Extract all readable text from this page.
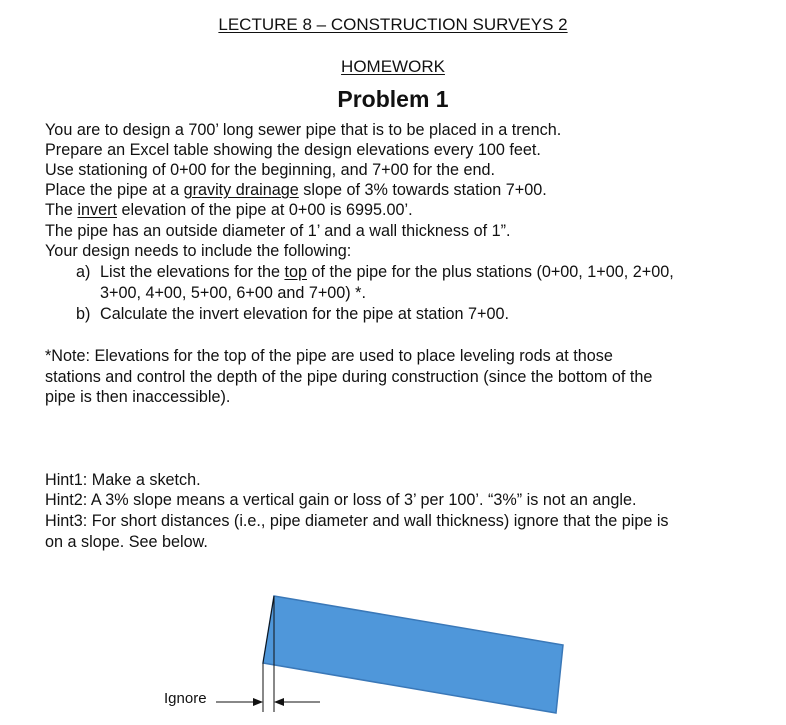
LECTURE 8 – CONSTRUCTION SURVEYS 2
HOMEWORK
Problem 1
You are to design a 700’ long sewer pipe that is to be placed in a trench.
Prepare an Excel table showing the design elevations every 100 feet.
Use stationing of 0+00 for the beginning, and 7+00 for the end.
Place the pipe at a gravity drainage slope of 3% towards station 7+00.
The invert elevation of the pipe at 0+00 is 6995.00’.
The pipe has an outside diameter of 1’ and a wall thickness of 1”.
Your design needs to include the following:
a) List the elevations for the top of the pipe for the plus stations (0+00, 1+00, 2+00,
3+00, 4+00, 5+00, 6+00 and 7+00) *.
b) Calculate the invert elevation for the pipe at station 7+00.
*Note: Elevations for the top of the pipe are used to place leveling rods at those
stations and control the depth of the pipe during construction (since the bottom of the
pipe is then inaccessible).
Hint1: Make a sketch.
Hint2: A 3% slope means a vertical gain or loss of 3’ per 100’. “3%” is not an angle.
Hint3: For short distances (i.e., pipe diameter and wall thickness) ignore that the pipe is
on a slope. See below.
Ignore
